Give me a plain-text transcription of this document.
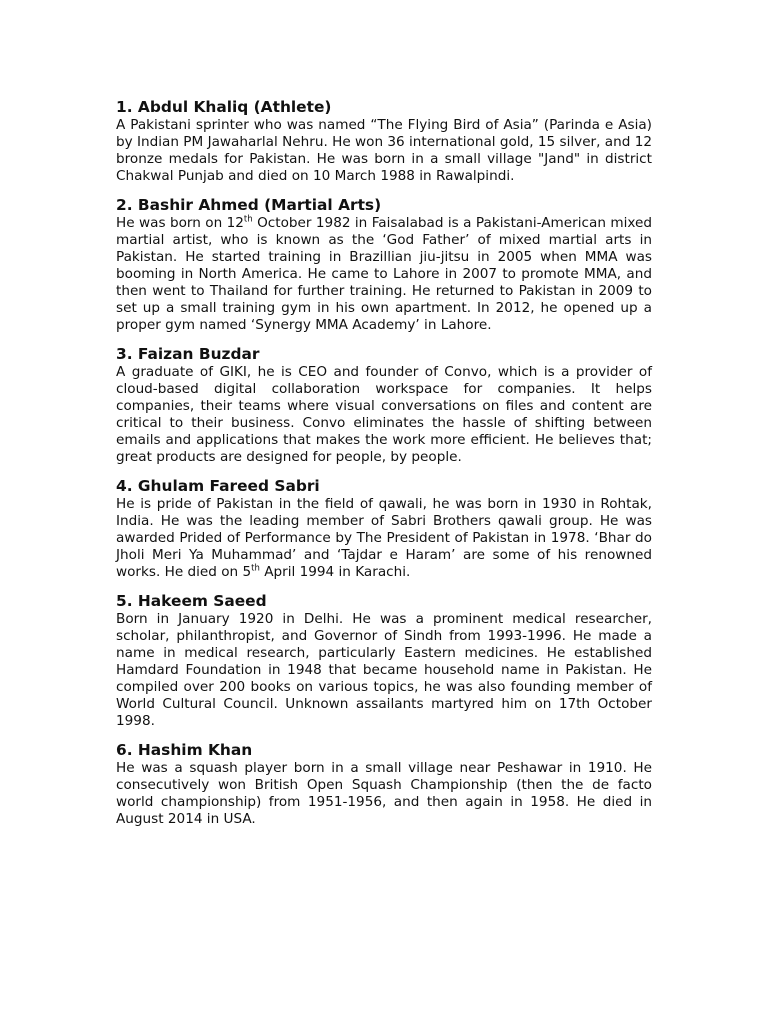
1. Abdul Khaliq (Athlete)

A Pakistani sprinter who was named “The Flying Bird of Asia” (Parinda e Asia) by Indian PM Jawaharlal Nehru. He won 36 international gold, 15 silver, and 12 bronze medals for Pakistan. He was born in a small village "Jand" in district Chakwal Punjab and died on 10 March 1988 in Rawalpindi.

2. Bashir Ahmed (Martial Arts)

He was born on 12th October 1982 in Faisalabad is a Pakistani-American mixed martial artist, who is known as the ‘God Father’ of mixed martial arts in Pakistan. He started training in Brazillian jiu-jitsu in 2005 when MMA was booming in North America. He came to Lahore in 2007 to promote MMA, and then went to Thailand for further training. He returned to Pakistan in 2009 to set up a small training gym in his own apartment. In 2012, he opened up a proper gym named ‘Synergy MMA Academy’ in Lahore.

3. Faizan Buzdar

A graduate of GIKI, he is CEO and founder of Convo, which is a provider of cloud-based digital collaboration workspace for companies. It helps companies, their teams where visual conversations on files and content are critical to their business. Convo eliminates the hassle of shifting between emails and applications that makes the work more efficient. He believes that; great products are designed for people, by people.

4. Ghulam Fareed Sabri

He is pride of Pakistan in the field of qawali, he was born in 1930 in Rohtak, India. He was the leading member of Sabri Brothers qawali group. He was awarded Prided of Performance by The President of Pakistan in 1978. ‘Bhar do Jholi Meri Ya Muhammad’ and ‘Tajdar e Haram’ are some of his renowned works. He died on 5th April 1994 in Karachi.

5. Hakeem Saeed

Born in January 1920 in Delhi. He was a prominent medical researcher, scholar, philanthropist, and Governor of Sindh from 1993-1996. He made a name in medical research, particularly Eastern medicines. He established Hamdard Foundation in 1948 that became household name in Pakistan. He compiled over 200 books on various topics, he was also founding member of World Cultural Council. Unknown assailants martyred him on 17th October 1998.

6. Hashim Khan

He was a squash player born in a small village near Peshawar in 1910. He consecutively won British Open Squash Championship (then the de facto world championship) from 1951-1956, and then again in 1958. He died in August 2014 in USA.
